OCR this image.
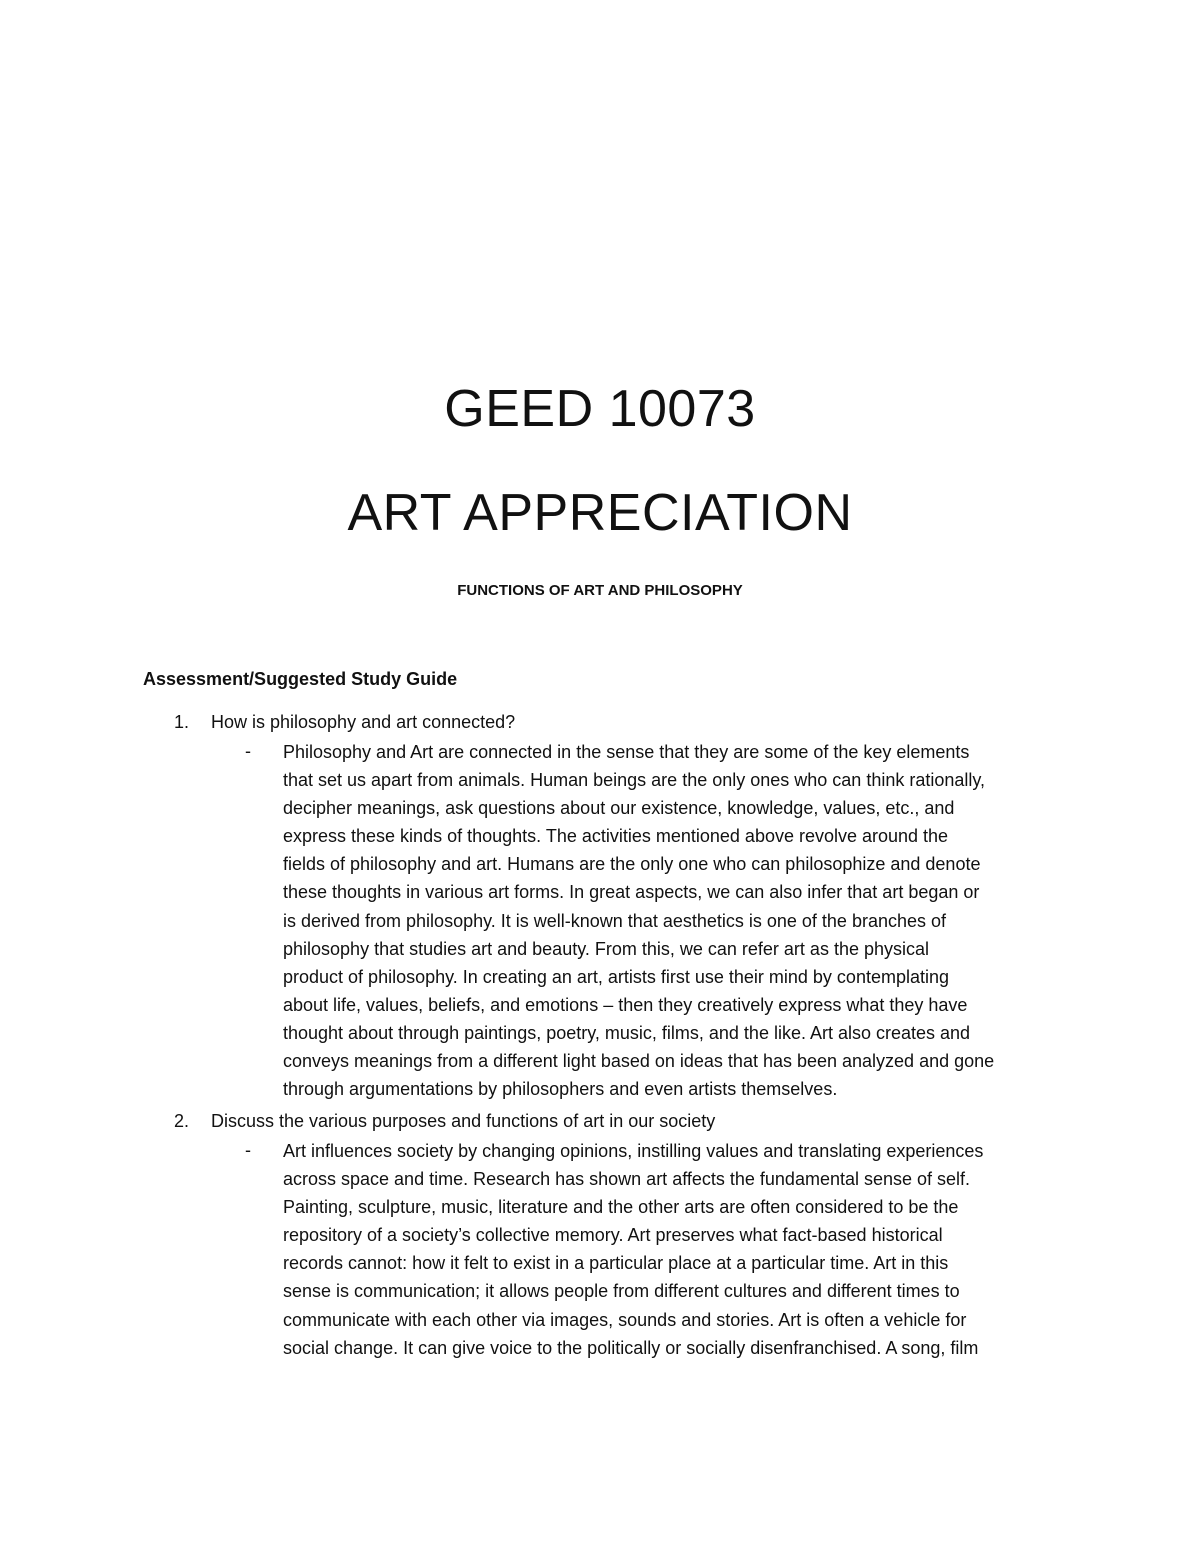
GEED 10073
ART APPRECIATION
FUNCTIONS OF ART AND PHILOSOPHY
Assessment/Suggested Study Guide
1. How is philosophy and art connected?
- Philosophy and Art are connected in the sense that they are some of the key elements
that set us apart from animals. Human beings are the only ones who can think rationally,
decipher meanings, ask questions about our existence, knowledge, values, etc., and
express these kinds of thoughts. The activities mentioned above revolve around the
fields of philosophy and art. Humans are the only one who can philosophize and denote
these thoughts in various art forms. In great aspects, we can also infer that art began or
is derived from philosophy. It is well-known that aesthetics is one of the branches of
philosophy that studies art and beauty. From this, we can refer art as the physical
product of philosophy. In creating an art, artists first use their mind by contemplating
about life, values, beliefs, and emotions – then they creatively express what they have
thought about through paintings, poetry, music, films, and the like. Art also creates and
conveys meanings from a different light based on ideas that has been analyzed and gone
through argumentations by philosophers and even artists themselves.
2. Discuss the various purposes and functions of art in our society
- Art influences society by changing opinions, instilling values and translating experiences
across space and time. Research has shown art affects the fundamental sense of self.
Painting, sculpture, music, literature and the other arts are often considered to be the
repository of a society’s collective memory. Art preserves what fact-based historical
records cannot: how it felt to exist in a particular place at a particular time. Art in this
sense is communication; it allows people from different cultures and different times to
communicate with each other via images, sounds and stories. Art is often a vehicle for
social change. It can give voice to the politically or socially disenfranchised. A song, film
